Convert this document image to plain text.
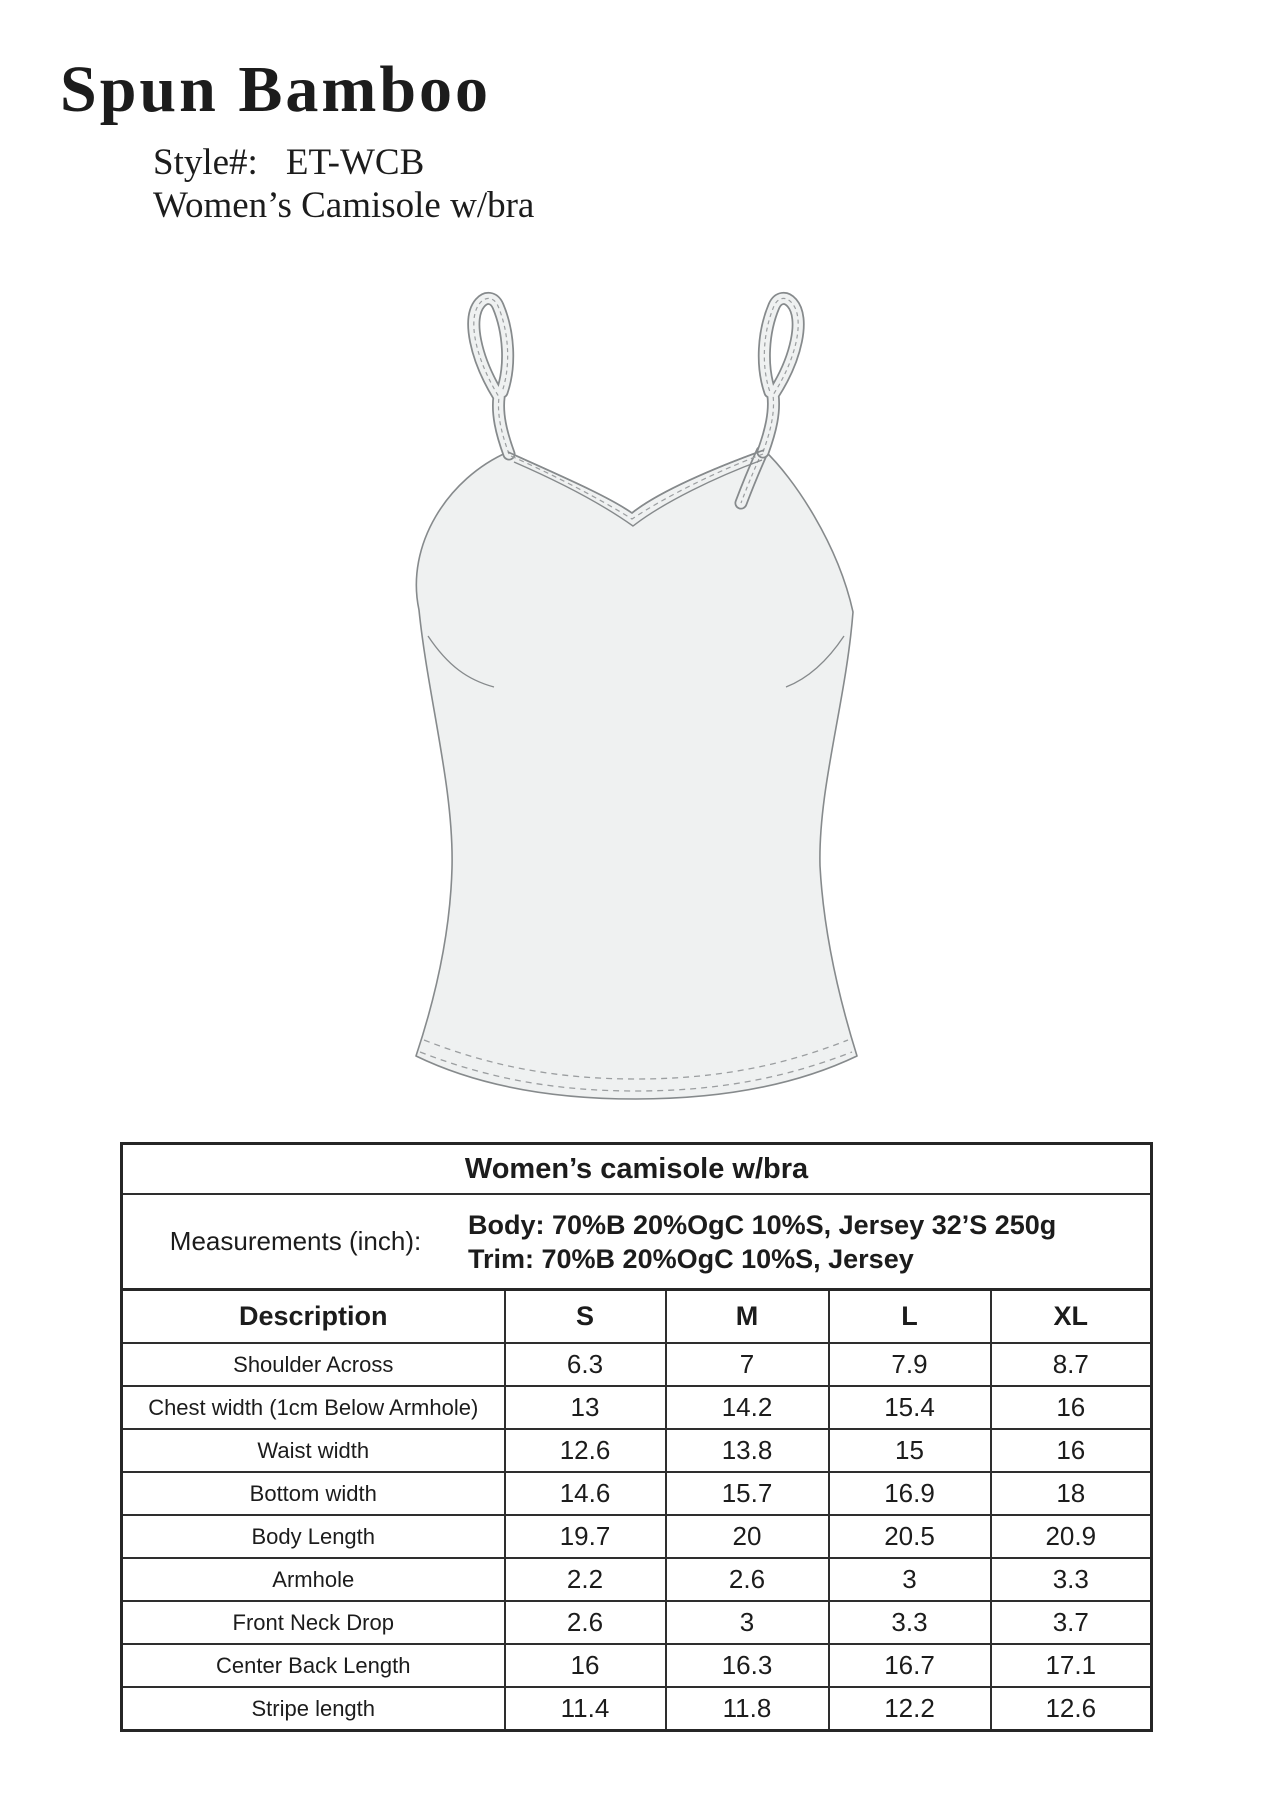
Spun Bamboo
Style#: ET-WCB
Women’s Camisole w/bra
Women’s camisole w/bra				

Measurements (inch):
Body: 70%B 20%OgC 10%S, Jersey 32’S 250g
Trim: 70%B 20%OgC 10%S, Jersey				

Description	S	M	L	XL
Shoulder Across	6.3	7	7.9	8.7
Chest width (1cm Below Armhole)	13	14.2	15.4	16
Waist width	12.6	13.8	15	16
Bottom width	14.6	15.7	16.9	18
Body Length	19.7	20	20.5	20.9
Armhole	2.2	2.6	3	3.3
Front Neck Drop	2.6	3	3.3	3.7
Center Back Length	16	16.3	16.7	17.1
Stripe length	11.4	11.8	12.2	12.6
